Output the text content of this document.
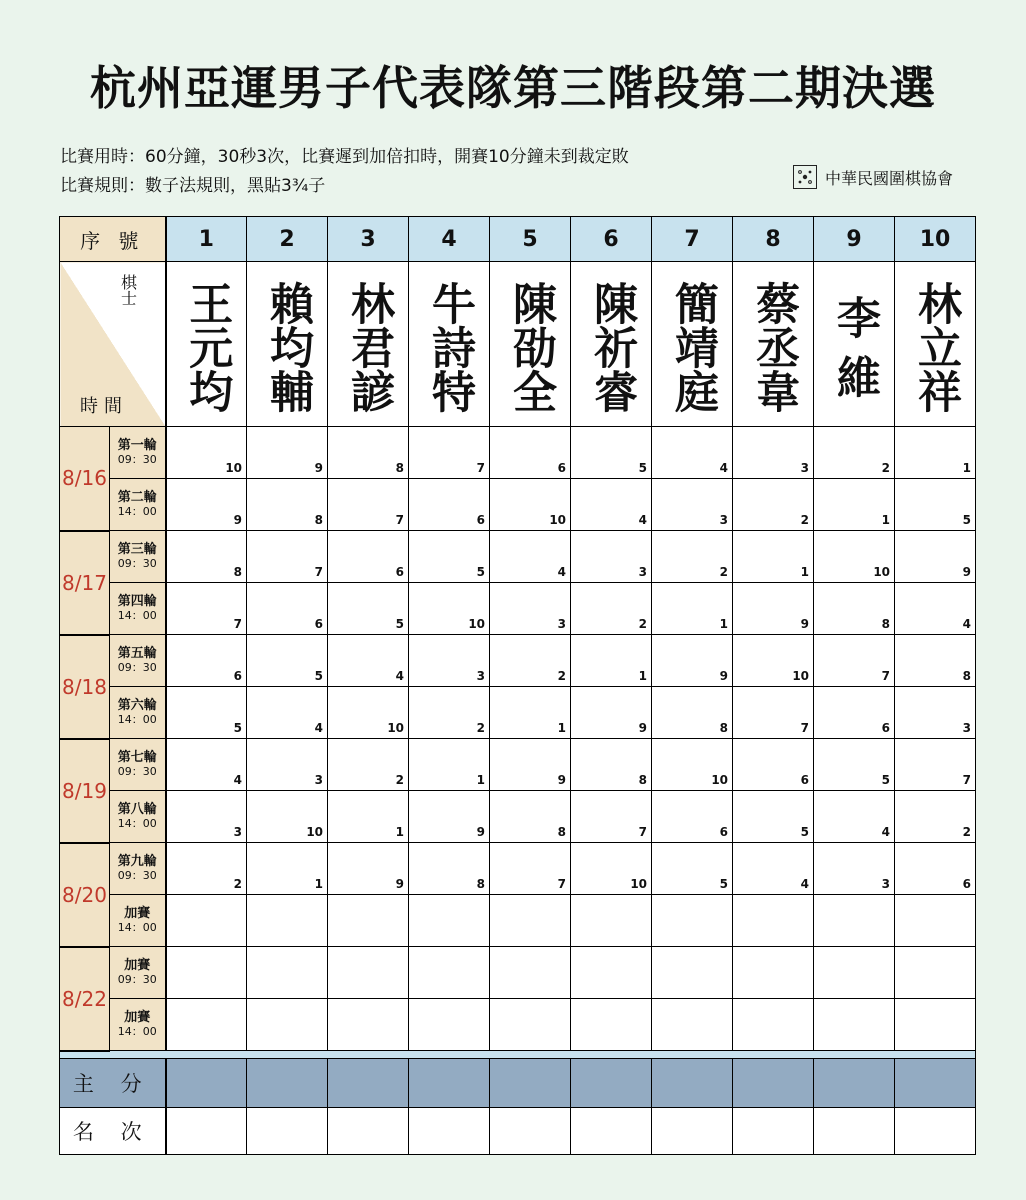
杭州亞運男子代表隊第三階段第二期決選
比賽用時：60分鐘，30秒3次，比賽遲到加倍扣時，開賽10分鐘未到裁定敗
比賽規則：數子法規則，黑貼3¾子	中華民國圍棋協會
序 號		1	2	3	4	5	6	7	8	9	10

棋士
時間		王元均	賴均輔	林君諺	牛詩特	陳劭全	陳祈睿	簡靖庭	蔡丞韋	李 維	林立祥

8/16	第一輪
09：30	10	9	8	7	6	5	4	3	2	1

	第二輪
14：00	9	8	7	6	10	4	3	2	1	5
8/17	第三輪
09：30	8	7	6	5	4	3	2	1	10	9

	第四輪
14：00	7	6	5	10	3	2	1	9	8	4
8/18	第五輪
09：30	6	5	4	3	2	1	9	10	7	8

	第六輪
14：00	5	4	10	2	1	9	8	7	6	3
8/19	第七輪
09：30	4	3	2	1	9	8	10	6	5	7

	第八輪
14：00	3	10	1	9	8	7	6	5	4	2
8/20	第九輪
09：30	2	1	9	8	7	10	5	4	3	6

	加賽
14：00										

8/22	加賽
09：30										

	加賽
14：00										

主 分											
名 次											
